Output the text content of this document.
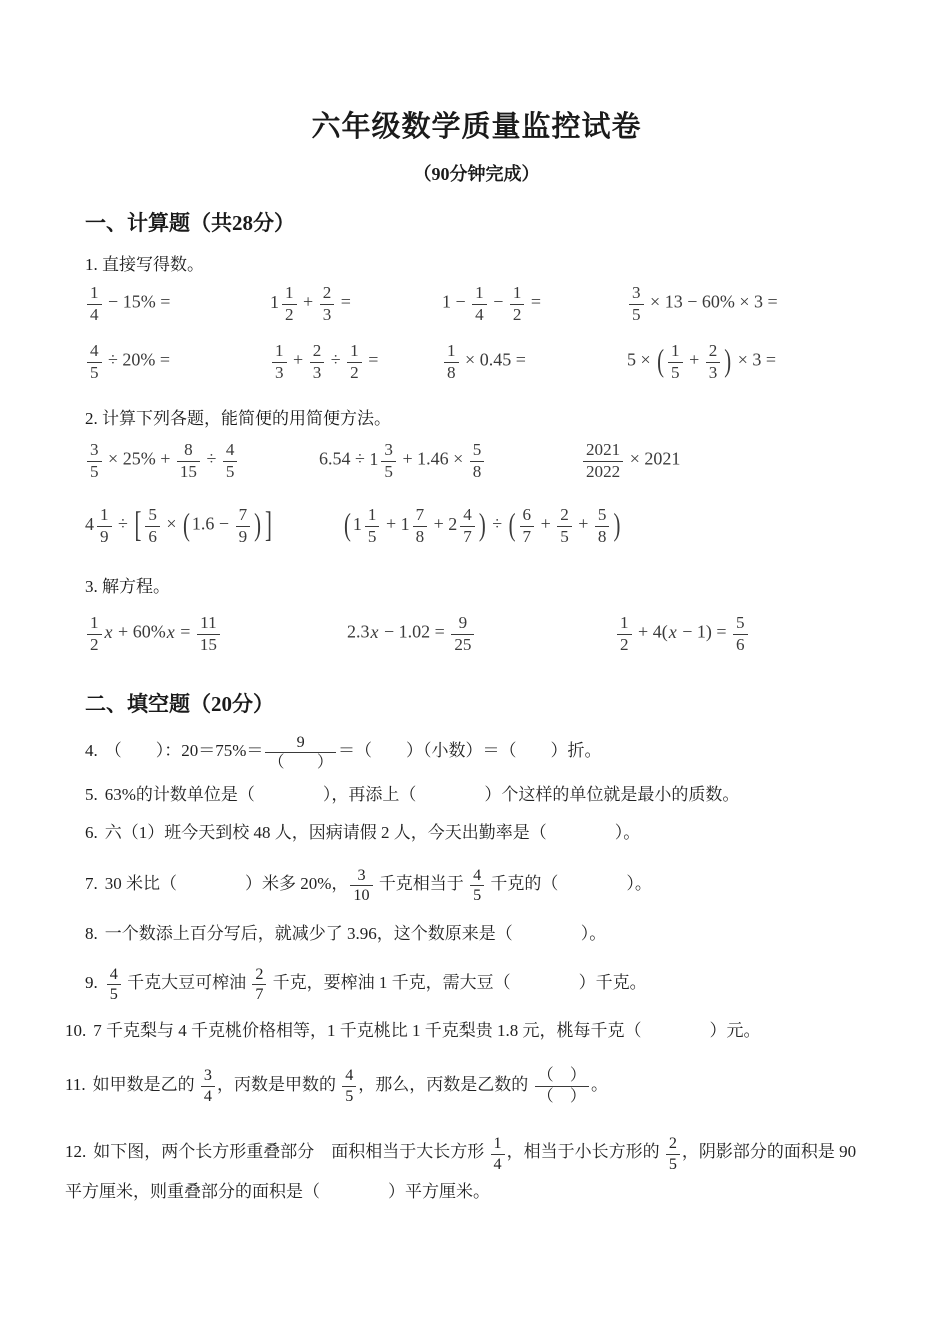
六年级数学质量监控试卷
（90分钟完成）
一、计算题（共28分）
1. 直接写得数。
$\frac{1}{4} - 15\%$ =	$1 \frac{1}{2} + \frac{2}{3}$ =	$1 - \frac{1}{4} - \frac{1}{2}$ =	$\frac{3}{5} \times 13 - 60\% \times 3$ =
$\frac{4}{5} \div 20\%$ =	$\frac{1}{3} + \frac{2}{3} \div \frac{1}{2}$ =	$\frac{1}{8} \times 0.45$ =	5 × ( $\frac{1}{5} + \frac{2}{3}$ ) × 3 =
2. 计算下列各题，能简便的用简便方法。
$\frac{3}{5} \times 25\% + \frac{8}{15} \div \frac{4}{5}$	$6.54 \div 1 \frac{3}{5} + 1.46 \times \frac{5}{8}$	$\frac{2021}{2022} \times 2021$
$4 \frac{1}{9}$ ÷ [ $\frac{5}{6}$ × ( $1.6 - \frac{7}{9}$ ) ]	( $1 \frac{1}{5} + 1 \frac{7}{8} + 2 \frac{4}{7}$ ) ÷ ( $\frac{6}{7} + \frac{2}{5} + \frac{5}{8}$ )
3. 解方程。
$\frac{1}{2}$ $x + 60\%x = \frac{11}{15}$	$2.3x - 1.02 = \frac{9}{25}$	$\frac{1}{2} + 4(x - 1) = \frac{5}{6}$
二、填空题（20分）
4. （　　）：$20=75\%= \frac{9}{( )}$ ＝（　　）（小数）＝（　　）折。
5. 63%的计数单位是（　　　　），再添上（　　　　）个这样的单位就是最小的质数。
6. 六（1）班今天到校 48 人，因病请假 2 人，今天出勤率是（　　　　）。
7. 30 米比（　　　　）米多 20%， $\frac{3}{10}$ 千克相当于 $\frac{4}{5}$ 千克的（　　　　）。
8. 一个数添上百分写后，就减少了 3.96，这个数原来是（　　　　）。
9. $\frac{4}{5}$ 千克大豆可榨油 $\frac{2}{7}$ 千克，要榨油 1 千克，需大豆（　　　　）千克。
10. 7 千克梨与 4 千克桃价格相等，1 千克桃比 1 千克梨贵 1.8 元，桃每千克（　　　　）元。
11. 如甲数是乙的 $\frac{3}{4}$ ，丙数是甲数的 $\frac{4}{5}$ ，那么，丙数是乙数的 $\frac{( )}{( )}$ 。
12. 如下图，两个长方形重叠部分　面积相当于大长方形 $\frac{1}{4}$ ，相当于小长方形的 $\frac{2}{5}$ ，阴影部分的面积是 90
平方厘米，则重叠部分的面积是（　　　　）平方厘米。
